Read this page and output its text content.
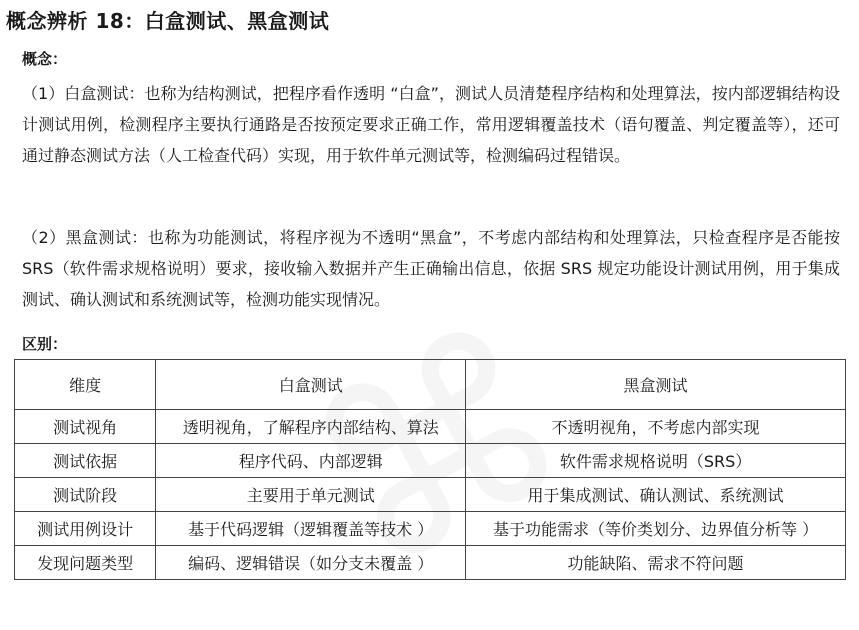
概念辨析 18：白盒测试、黑盒测试
概念：

（1）白盒测试：也称为结构测试，把程序看作透明 “白盒”，测试人员清楚程序结构和处理算法，按内部逻辑结构设计测试用例，检测程序主要执行通路是否按预定要求正确工作，常用逻辑覆盖技术（语句覆盖、判定覆盖等），还可通过静态测试方法（人工检查代码）实现，用于软件单元测试等，检测编码过程错误。

（2）黑盒测试：也称为功能测试，将程序视为不透明“黑盒”，不考虑内部结构和处理算法，只检查程序是否能按 SRS（软件需求规格说明）要求，接收输入数据并产生正确输出信息，依据 SRS 规定功能设计测试用例，用于集成测试、确认测试和系统测试等，检测功能实现情况。

区别：
维度	白盒测试	黑盒测试
测试视角	透明视角，了解程序内部结构、算法	不透明视角，不考虑内部实现
测试依据	程序代码、内部逻辑	软件需求规格说明（SRS）
测试阶段	主要用于单元测试	用于集成测试、确认测试、系统测试
测试用例设计	基于代码逻辑（逻辑覆盖等技术 ）	基于功能需求（等价类划分、边界值分析等 ）
发现问题类型	编码、逻辑错误（如分支未覆盖 ）	功能缺陷、需求不符问题
